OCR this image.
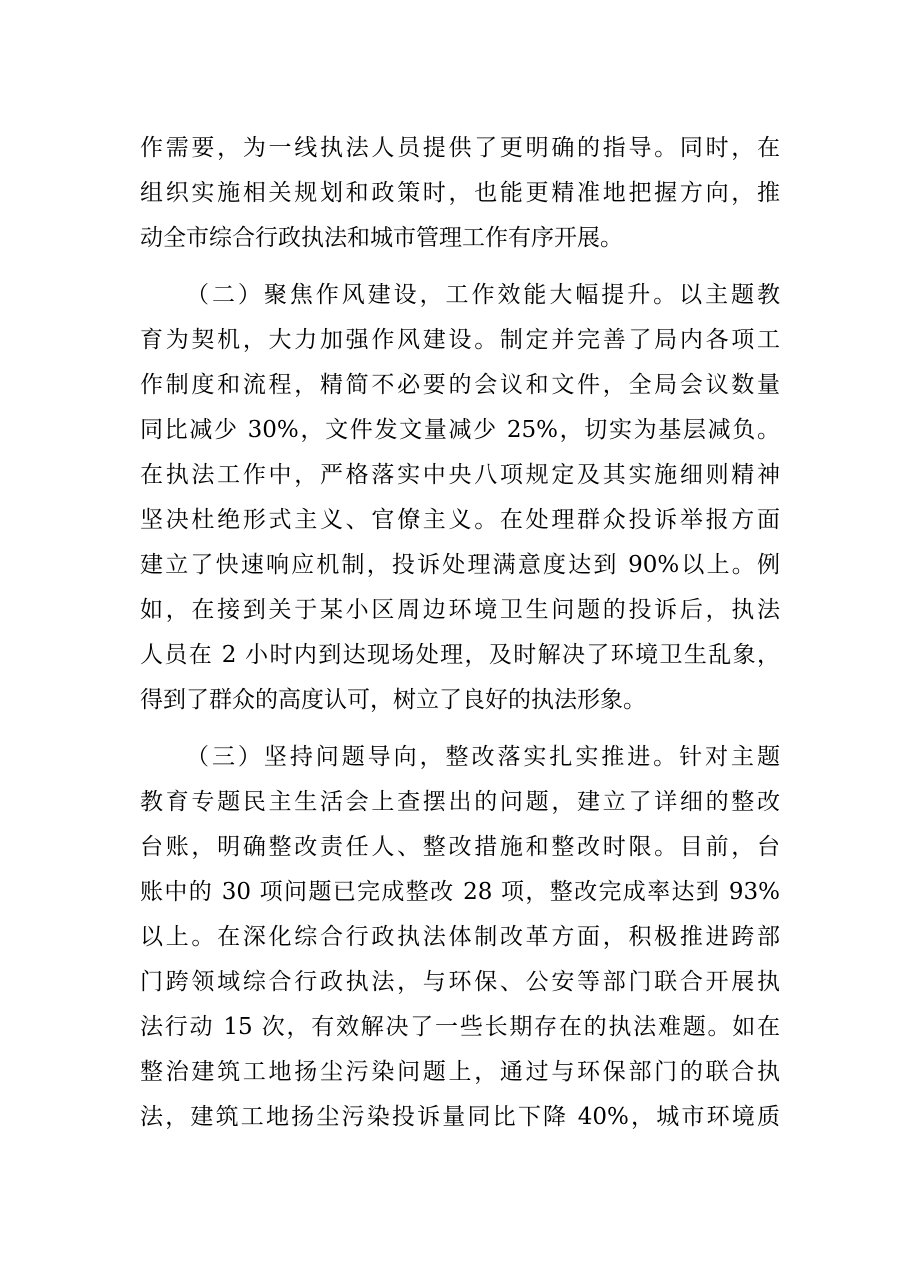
作需要，为一线执法人员提供了更明确的指导。同时，在
组织实施相关规划和政策时，也能更精准地把握方向，推
动全市综合行政执法和城市管理工作有序开展。
（二）聚焦作风建设，工作效能大幅提升。以主题教
育为契机，大力加强作风建设。制定并完善了局内各项工
作制度和流程，精简不必要的会议和文件，全局会议数量
同比减少 30%，文件发文量减少 25%，切实为基层减负。
在执法工作中，严格落实中央八项规定及其实施细则精神
坚决杜绝形式主义、官僚主义。在处理群众投诉举报方面
建立了快速响应机制，投诉处理满意度达到 90%以上。例
如，在接到关于某小区周边环境卫生问题的投诉后，执法
人员在 2 小时内到达现场处理，及时解决了环境卫生乱象，
得到了群众的高度认可，树立了良好的执法形象。
（三）坚持问题导向，整改落实扎实推进。针对主题
教育专题民主生活会上查摆出的问题，建立了详细的整改
台账，明确整改责任人、整改措施和整改时限。目前，台
账中的 30 项问题已完成整改 28 项，整改完成率达到 93%
以上。在深化综合行政执法体制改革方面，积极推进跨部
门跨领域综合行政执法，与环保、公安等部门联合开展执
法行动 15 次，有效解决了一些长期存在的执法难题。如在
整治建筑工地扬尘污染问题上，通过与环保部门的联合执
法，建筑工地扬尘污染投诉量同比下降 40%，城市环境质
